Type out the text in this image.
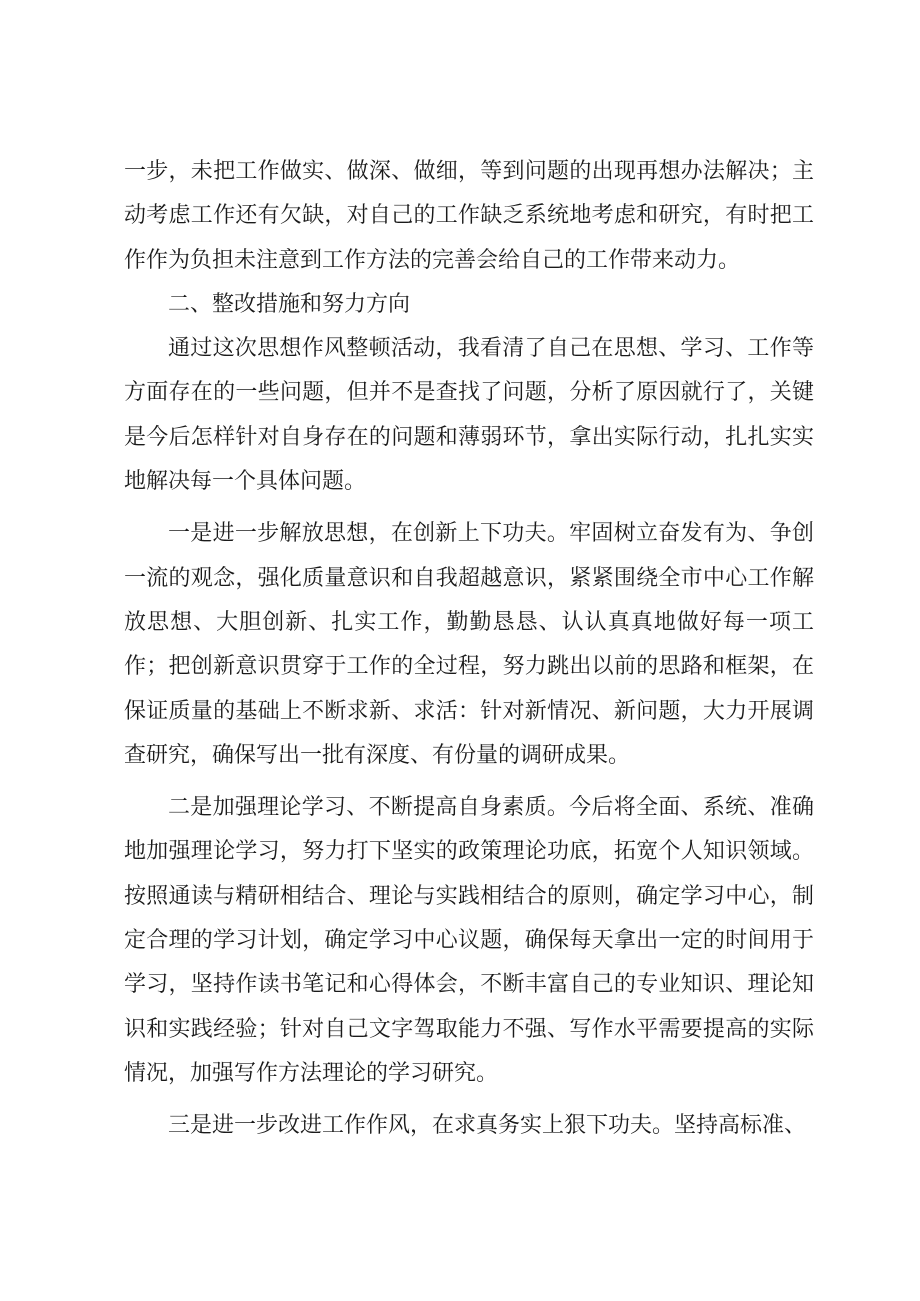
一步，未把工作做实、做深、做细，等到问题的出现再想办法解决；主动考虑工作还有欠缺，对自己的工作缺乏系统地考虑和研究，有时把工作作为负担未注意到工作方法的完善会给自己的工作带来动力。

二、整改措施和努力方向

通过这次思想作风整顿活动，我看清了自己在思想、学习、工作等方面存在的一些问题，但并不是查找了问题，分析了原因就行了，关键是今后怎样针对自身存在的问题和薄弱环节，拿出实际行动，扎扎实实地解决每一个具体问题。

一是进一步解放思想，在创新上下功夫。牢固树立奋发有为、争创一流的观念，强化质量意识和自我超越意识，紧紧围绕全市中心工作解放思想、大胆创新、扎实工作，勤勤恳恳、认认真真地做好每一项工作；把创新意识贯穿于工作的全过程，努力跳出以前的思路和框架，在保证质量的基础上不断求新、求活：针对新情况、新问题，大力开展调查研究，确保写出一批有深度、有份量的调研成果。

二是加强理论学习、不断提高自身素质。今后将全面、系统、准确地加强理论学习，努力打下坚实的政策理论功底，拓宽个人知识领域。按照通读与精研相结合、理论与实践相结合的原则，确定学习中心，制定合理的学习计划，确定学习中心议题，确保每天拿出一定的时间用于学习，坚持作读书笔记和心得体会，不断丰富自己的专业知识、理论知识和实践经验；针对自己文字驾取能力不强、写作水平需要提高的实际情况，加强写作方法理论的学习研究。

三是进一步改进工作作风，在求真务实上狠下功夫。坚持高标准、
